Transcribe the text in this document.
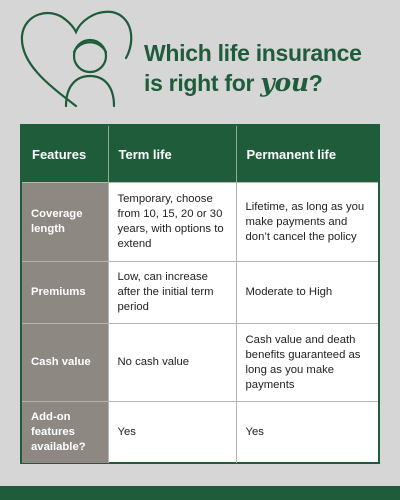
Which life insurance
is right for you?
Features	Term life	Permanent life
Coverage length	Temporary, choose from 10, 15, 20 or 30 years, with options to extend	Lifetime, as long as you make payments and don’t cancel the policy
Premiums	Low, can increase after the initial term period	Moderate to High
Cash value	No cash value	Cash value and death benefits guaranteed as long as you make payments
Add-on features available?	Yes	Yes
